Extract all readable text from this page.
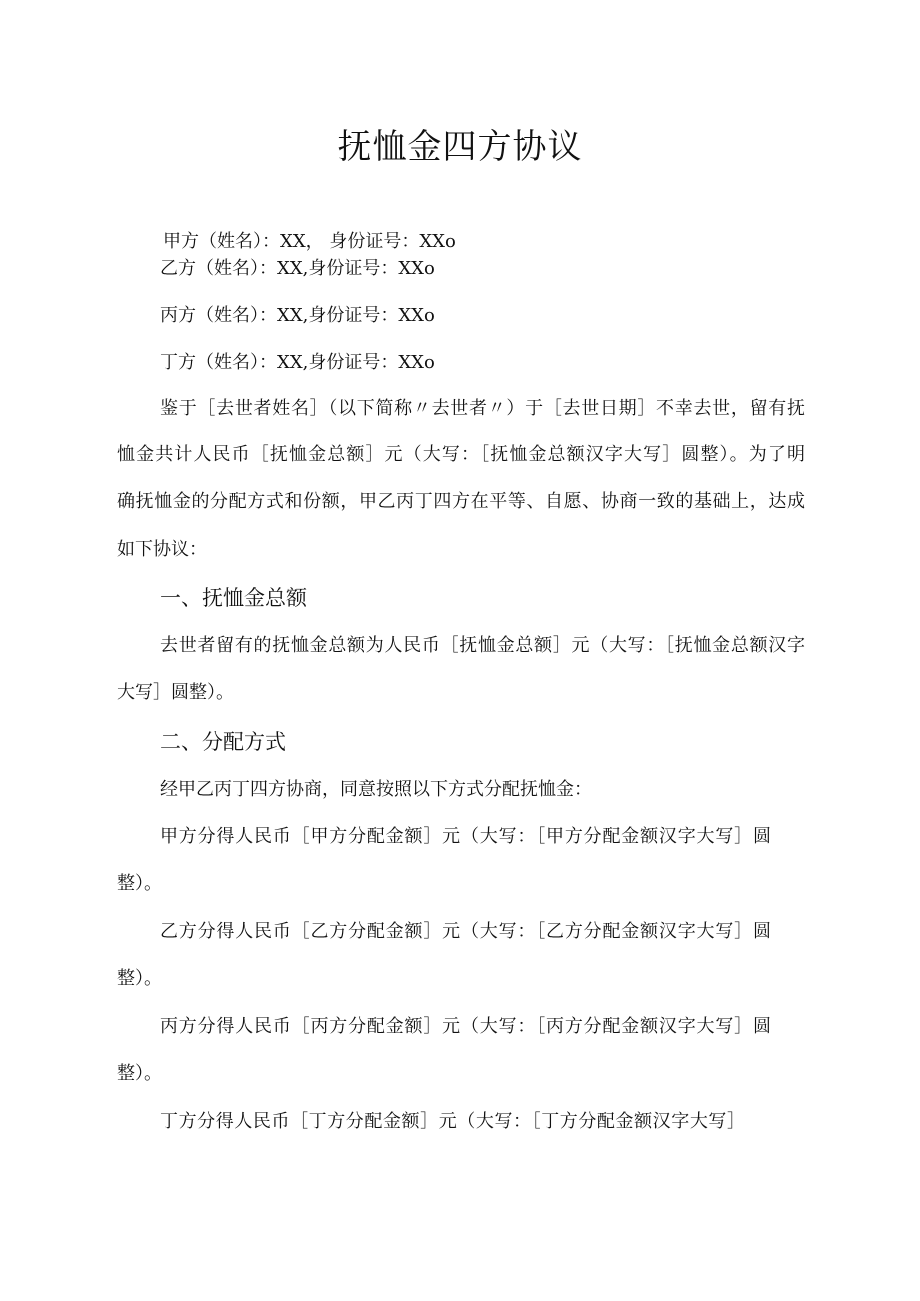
抚恤金四方协议
甲方（姓名）：XX， 身份证号：XXo
乙方（姓名）：XX,身份证号：XXo
丙方（姓名）：XX,身份证号：XXo
丁方（姓名）：XX,身份证号：XXo
鉴于［去世者姓名］（以下简称〃去世者〃）于［去世日期］不幸去世，留有抚
恤金共计人民币［抚恤金总额］元（大写：［抚恤金总额汉字大写］圆整）。为了明
确抚恤金的分配方式和份额，甲乙丙丁四方在平等、自愿、协商一致的基础上，达成
如下协议：
一、抚恤金总额
去世者留有的抚恤金总额为人民币［抚恤金总额］元（大写：［抚恤金总额汉字
大写］圆整）。
二、分配方式
经甲乙丙丁四方协商，同意按照以下方式分配抚恤金：
甲方分得人民币［甲方分配金额］元（大写：［甲方分配金额汉字大写］圆
整）。
乙方分得人民币［乙方分配金额］元（大写：［乙方分配金额汉字大写］圆
整）。
丙方分得人民币［丙方分配金额］元（大写：［丙方分配金额汉字大写］圆
整）。
丁方分得人民币［丁方分配金额］元（大写：［丁方分配金额汉字大写］
